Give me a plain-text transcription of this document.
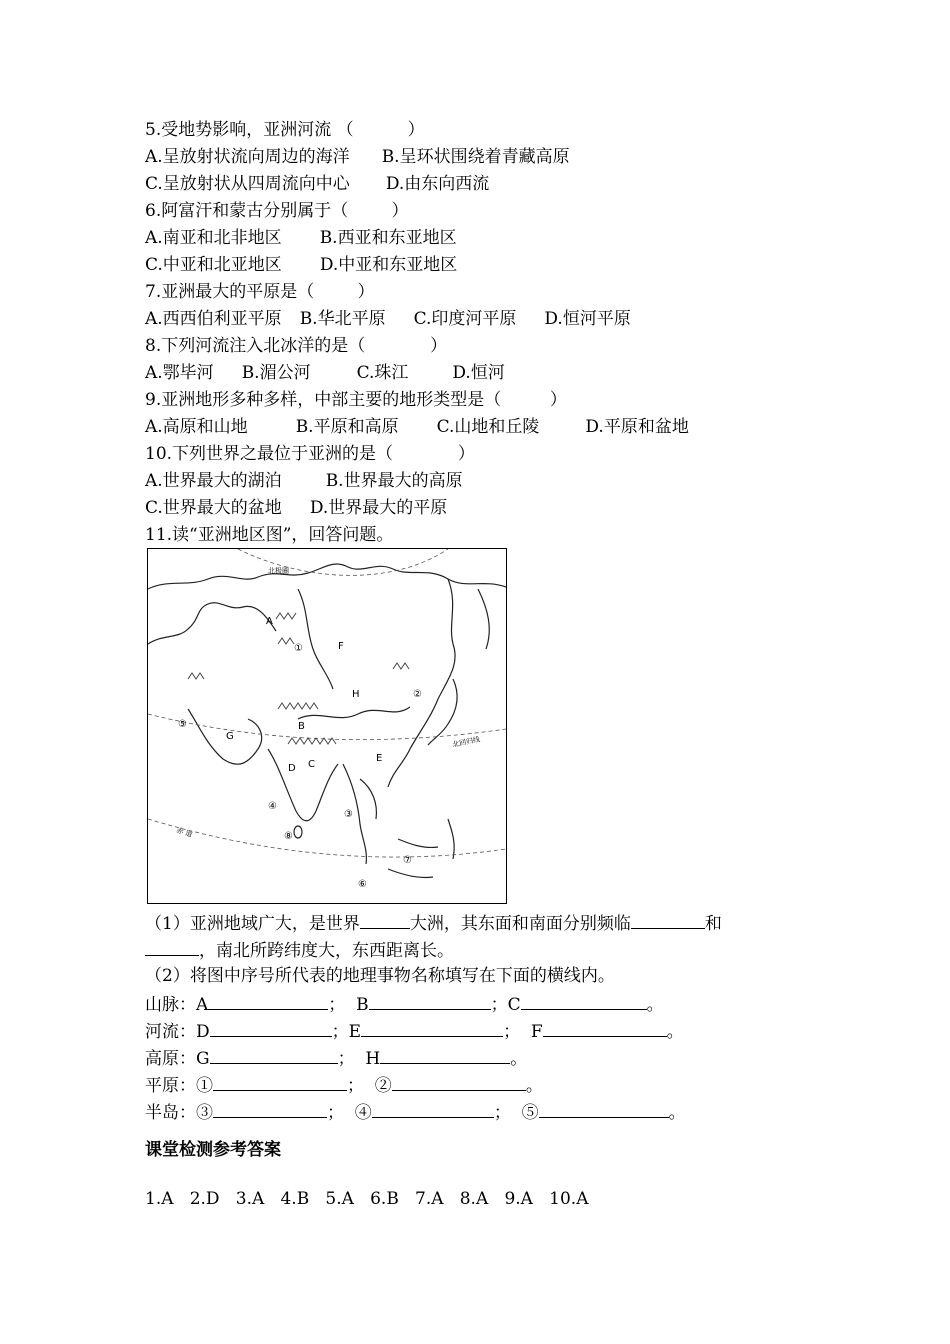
5.受地势影响，亚洲河流 （          ）
A.呈放射状流向周边的海洋 B.呈环状围绕着青藏高原
C.呈放射状从四周流向中心 D.由东向西流
6.阿富汗和蒙古分别属于（        ）
A.南亚和北非地区 B.西亚和东亚地区
C.中亚和北亚地区 D.中亚和东亚地区
7.亚洲最大的平原是（        ）
A.西西伯利亚平原 B.华北平原 C.印度河平原 D.恒河平原
8.下列河流注入北冰洋的是（            ）
A.鄂毕河 B.湄公河	C.珠江	D.恒河
9.亚洲地形多种多样，中部主要的地形类型是（         ）
A.高原和山地	B.平原和高原 C.山地和丘陵	D.平原和盆地
10.下列世界之最位于亚洲的是（            ）
A.世界最大的湖泊	B.世界最大的高原
C.世界最大的盆地 D.世界最大的平原
11.读“亚洲地区图”，回答问题。
A
B
C
D
E
F
G
H
①
②
③
④
⑤
⑥
⑦
⑧
北回归线
赤 道
北极圈
（1）亚洲地域广大，是世界	大洲，其东面和南面分别频临	和
，南北所跨纬度大，东西距离长。
（2）将图中序号所代表的地理事物名称填写在下面的横线内。
山脉：A	；  B	；C	。
河流：D	；E	；  F	。
高原：G	；  H	。
平原：①	；  ②	。
半岛：③	；  ④	；  ⑤	。
课堂检测参考答案
1.A   2.D   3.A   4.B   5.A   6.B   7.A   8.A   9.A   10.A
